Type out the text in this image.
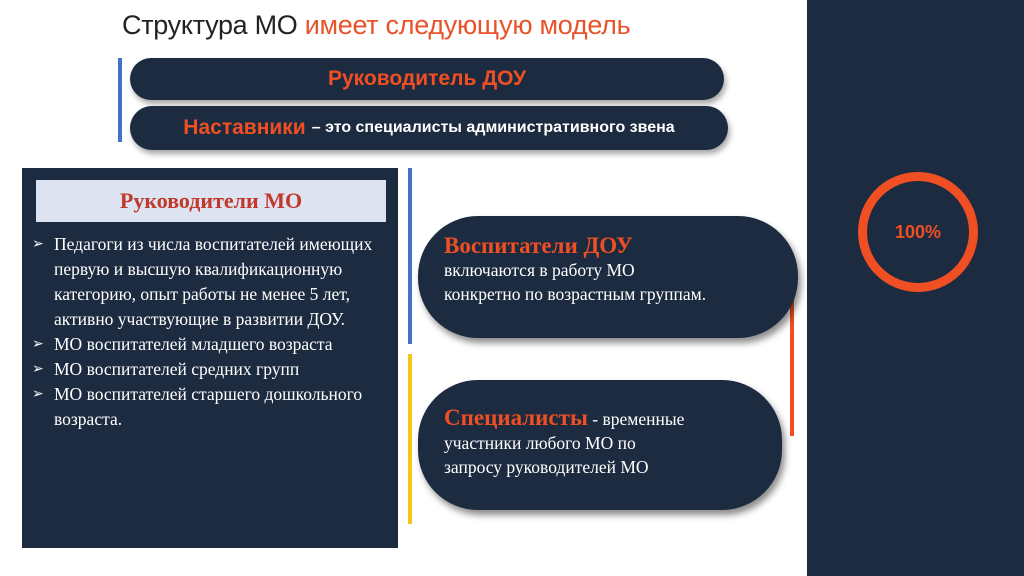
100%
Структура МО имеет следующую модель
Руководитель ДОУ
Наставники – это специалисты административного звена
Руководители МО
➢ Педагоги из числа воспитателей имеющих первую и высшую квалификационную категорию, опыт работы не менее 5 лет, активно участвующие в развитии ДОУ.
➢ МО воспитателей младшего возраста
➢ МО воспитателей средних групп
➢ МО воспитателей старшего дошкольного возраста.
Воспитатели ДОУ
включаются в работу МО
конкретно по возрастным группам.
Специалисты - временные
участники любого МО по
запросу руководителей МО
